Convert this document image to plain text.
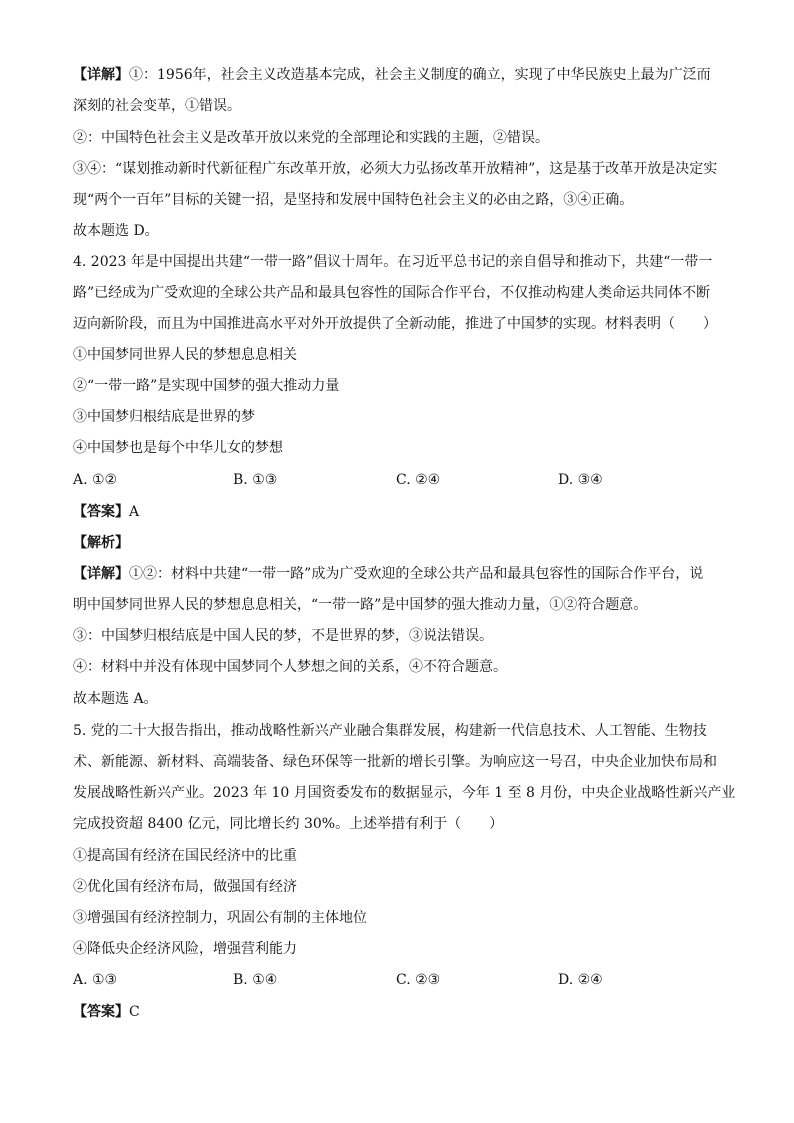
【详解】①：1956年，社会主义改造基本完成，社会主义制度的确立，实现了中华民族史上最为广泛而
深刻的社会变革，①错误。
②：中国特色社会主义是改革开放以来党的全部理论和实践的主题，②错误。
③④：“谋划推动新时代新征程广东改革开放，必须大力弘扬改革开放精神”，这是基于改革开放是决定实
现“两个一百年”目标的关键一招，是坚持和发展中国特色社会主义的必由之路，③④正确。
故本题选 D。
4. 2023 年是中国提出共建“一带一路”倡议十周年。在习近平总书记的亲自倡导和推动下，共建“一带一
路”已经成为广受欢迎的全球公共产品和最具包容性的国际合作平台，不仅推动构建人类命运共同体不断
迈向新阶段，而且为中国推进高水平对外开放提供了全新动能，推进了中国梦的实现。材料表明（　　）
①中国梦同世界人民的梦想息息相关
②“一带一路”是实现中国梦的强大推动力量
③中国梦归根结底是世界的梦
④中国梦也是每个中华儿女的梦想
A. ①②	B. ①③	C. ②④	D. ③④
【答案】A
【解析】
【详解】①②：材料中共建“一带一路”成为广受欢迎的全球公共产品和最具包容性的国际合作平台，说
明中国梦同世界人民的梦想息息相关，“一带一路”是中国梦的强大推动力量，①②符合题意。
③：中国梦归根结底是中国人民的梦，不是世界的梦，③说法错误。
④：材料中并没有体现中国梦同个人梦想之间的关系，④不符合题意。
故本题选 A。
5. 党的二十大报告指出，推动战略性新兴产业融合集群发展，构建新一代信息技术、人工智能、生物技
术、新能源、新材料、高端装备、绿色环保等一批新的增长引擎。为响应这一号召，中央企业加快布局和
发展战略性新兴产业。2023 年 10 月国资委发布的数据显示，今年 1 至 8 月份，中央企业战略性新兴产业
完成投资超 8400 亿元，同比增长约 30%。上述举措有利于（　　）
①提高国有经济在国民经济中的比重
②优化国有经济布局，做强国有经济
③增强国有经济控制力，巩固公有制的主体地位
④降低央企经济风险，增强营利能力
A. ①③	B. ①④	C. ②③	D. ②④
【答案】C
